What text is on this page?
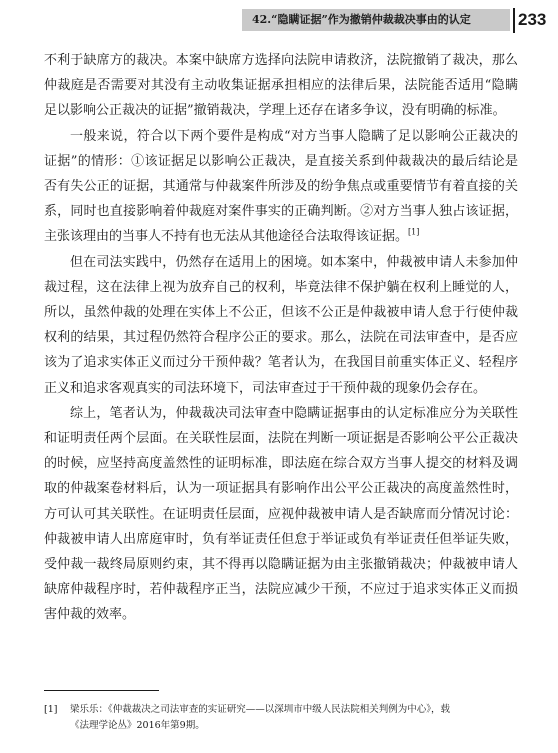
42.“隐瞒证据”作为撤销仲裁裁决事由的认定	233

不利于缺席方的裁决。本案中缺席方选择向法院申请救济，法院撤销了裁决，那么仲裁庭是否需要对其没有主动收集证据承担相应的法律后果，法院能否适用“隐瞒足以影响公正裁决的证据”撤销裁决，学理上还存在诸多争议，没有明确的标准。

一般来说，符合以下两个要件是构成“对方当事人隐瞒了足以影响公正裁决的证据”的情形：①该证据足以影响公正裁决，是直接关系到仲裁裁决的最后结论是否有失公正的证据，其通常与仲裁案件所涉及的纷争焦点或重要情节有着直接的关系，同时也直接影响着仲裁庭对案件事实的正确判断。②对方当事人独占该证据，主张该理由的当事人不持有也无法从其他途径合法取得该证据。[1]

但在司法实践中，仍然存在适用上的困境。如本案中，仲裁被申请人未参加仲裁过程，这在法律上视为放弃自己的权利，毕竟法律不保护躺在权利上睡觉的人，所以，虽然仲裁的处理在实体上不公正，但该不公正是仲裁被申请人怠于行使仲裁权利的结果，其过程仍然符合程序公正的要求。那么，法院在司法审查中，是否应该为了追求实体正义而过分干预仲裁？笔者认为，在我国目前重实体正义、轻程序正义和追求客观真实的司法环境下，司法审查过于干预仲裁的现象仍会存在。

综上，笔者认为，仲裁裁决司法审查中隐瞒证据事由的认定标准应分为关联性和证明责任两个层面。在关联性层面，法院在判断一项证据是否影响公平公正裁决的时候，应坚持高度盖然性的证明标准，即法庭在综合双方当事人提交的材料及调取的仲裁案卷材料后，认为一项证据具有影响作出公平公正裁决的高度盖然性时，方可认可其关联性。在证明责任层面，应视仲裁被申请人是否缺席而分情况讨论：仲裁被申请人出席庭审时，负有举证责任但怠于举证或负有举证责任但举证失败，受仲裁一裁终局原则约束，其不得再以隐瞒证据为由主张撤销裁决；仲裁被申请人缺席仲裁程序时，若仲裁程序正当，法院应减少干预，不应过于追求实体正义而损害仲裁的效率。

[1] 梁乐乐：《仲裁裁决之司法审查的实证研究——以深圳市中级人民法院相关判例为中心》，载
《法理学论丛》2016年第9期。
